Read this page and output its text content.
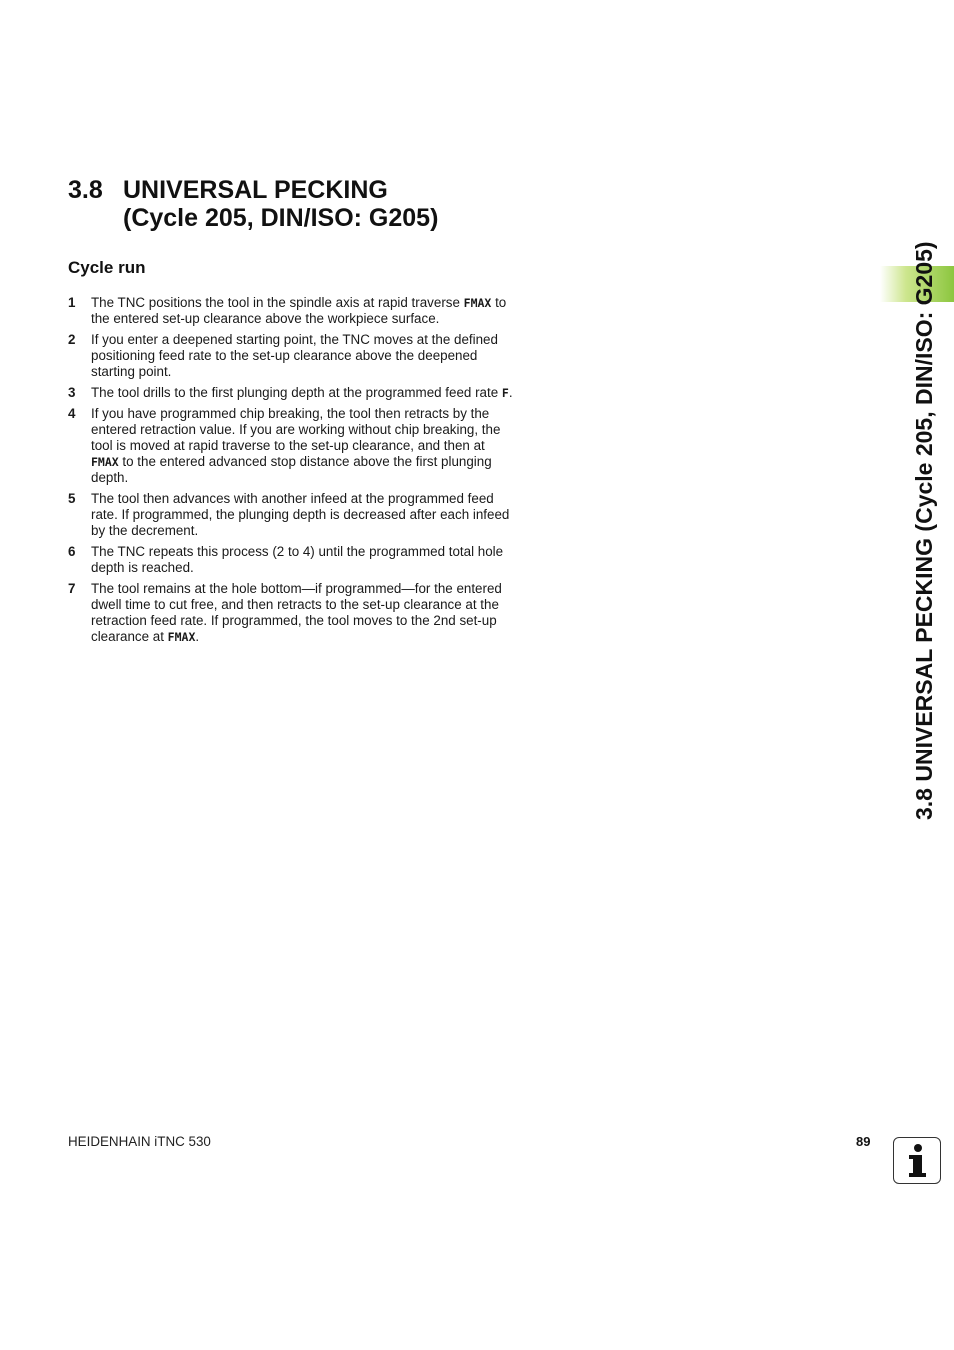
3.8 UNIVERSAL PECKING
(Cycle 205, DIN/ISO: G205)
Cycle run
1 The TNC positions the tool in the spindle axis at rapid traverse FMAX to the entered set-up clearance above the workpiece surface.
2 If you enter a deepened starting point, the TNC moves at the defined positioning feed rate to the set-up clearance above the deepened starting point.
3 The tool drills to the first plunging depth at the programmed feed rate F.
4 If you have programmed chip breaking, the tool then retracts by the entered retraction value. If you are working without chip breaking, the tool is moved at rapid traverse to the set-up clearance, and then at FMAX to the entered advanced stop distance above the first plunging depth.
5 The tool then advances with another infeed at the programmed feed rate. If programmed, the plunging depth is decreased after each infeed by the decrement.
6 The TNC repeats this process (2 to 4) until the programmed total hole depth is reached.
7 The tool remains at the hole bottom—if programmed—for the entered dwell time to cut free, and then retracts to the set-up clearance at the retraction feed rate. If programmed, the tool moves to the 2nd set-up clearance at FMAX.	3.8 UNIVERSAL PECKING (Cycle 205, DIN/ISO: G205)
HEIDENHAIN iTNC 530	89
